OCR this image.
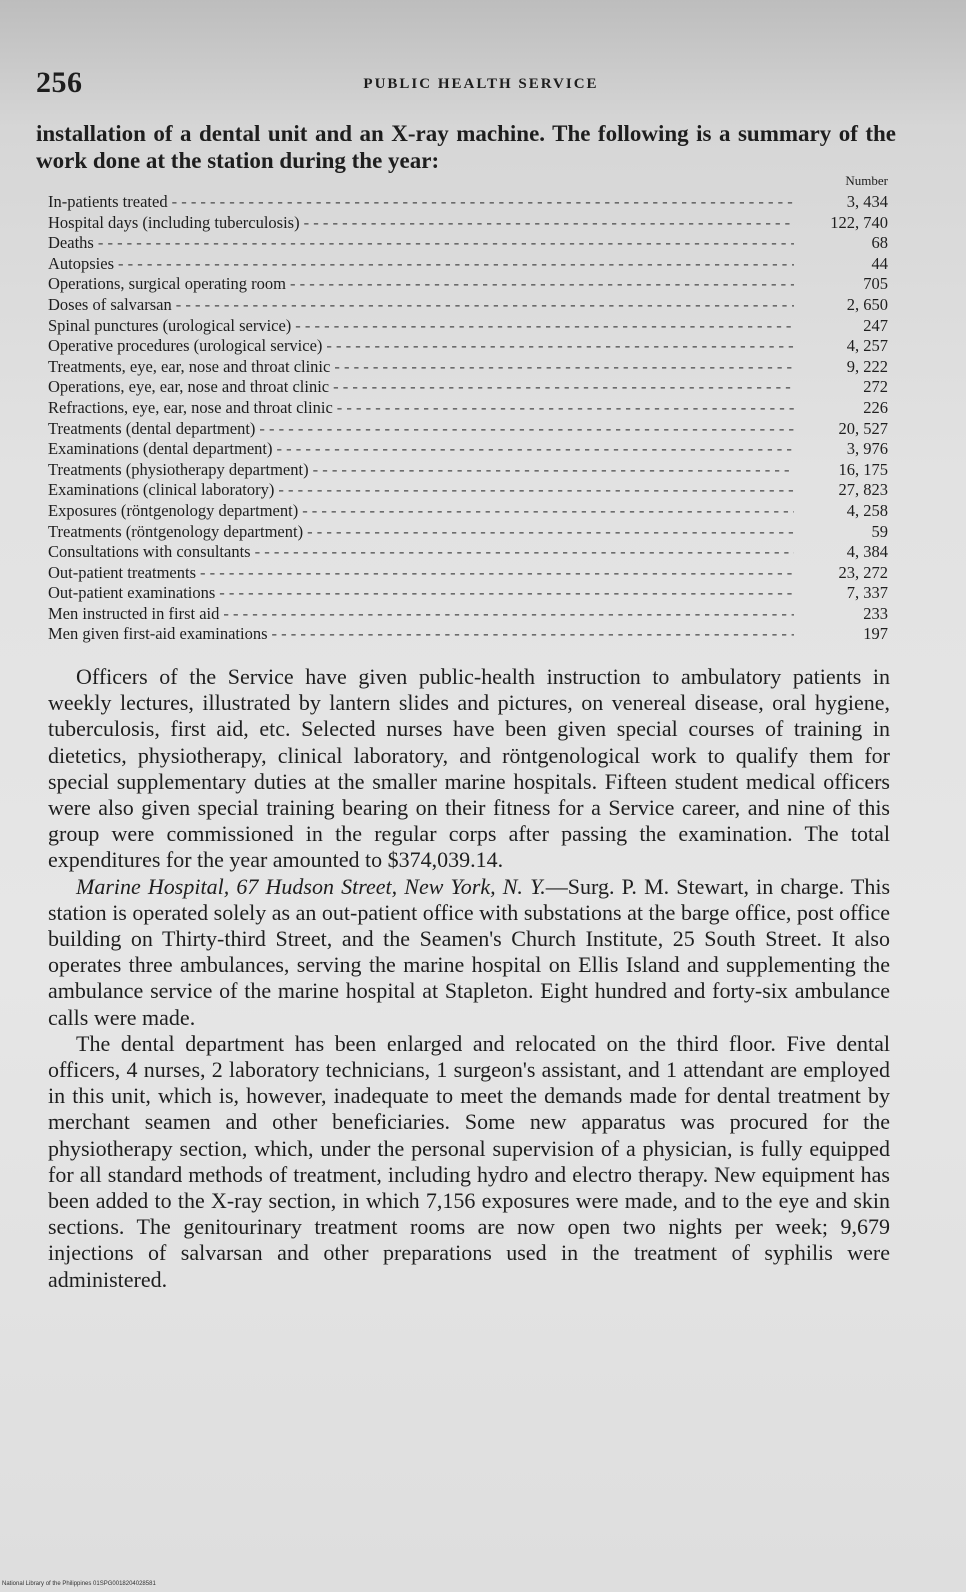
256	PUBLIC HEALTH SERVICE
installation of a dental unit and an X-ray machine. The following is a summary of the work done at the station during the year:
Number
In-patients treated - - -	3, 434
Hospital days (including tuberculosis) - - -	122, 740
Deaths - - -	68
Autopsies - - -	44
Operations, surgical operating room - - -	705
Doses of salvarsan - - -	2, 650
Spinal punctures (urological service) - - -	247
Operative procedures (urological service) - - -	4, 257
Treatments, eye, ear, nose and throat clinic - - -	9, 222
Operations, eye, ear, nose and throat clinic - - -	272
Refractions, eye, ear, nose and throat clinic - - -	226
Treatments (dental department) - - -	20, 527
Examinations (dental department) - - -	3, 976
Treatments (physiotherapy department) - - -	16, 175
Examinations (clinical laboratory) - - -	27, 823
Exposures (röntgenology department) - - -	4, 258
Treatments (röntgenology department) - - -	59
Consultations with consultants - - -	4, 384
Out-patient treatments - - -	23, 272
Out-patient examinations - - -	7, 337
Men instructed in first aid - - -	233
Men given first-aid examinations - - -	197

Officers of the Service have given public-health instruction to ambulatory patients in weekly lectures, illustrated by lantern slides and pictures, on venereal disease, oral hygiene, tuberculosis, first aid, etc. Selected nurses have been given special courses of training in dietetics, physiotherapy, clinical laboratory, and röntgenological work to qualify them for special supplementary duties at the smaller marine hospitals. Fifteen student medical officers were also given special training bearing on their fitness for a Service career, and nine of this group were commissioned in the regular corps after passing the examination. The total expenditures for the year amounted to $374,039.14.

Marine Hospital, 67 Hudson Street, New York, N. Y.—Surg. P. M. Stewart, in charge. This station is operated solely as an out-patient office with substations at the barge office, post office building on Thirty-third Street, and the Seamen's Church Institute, 25 South Street. It also operates three ambulances, serving the marine hospital on Ellis Island and supplementing the ambulance service of the marine hospital at Stapleton. Eight hundred and forty-six ambulance calls were made.

The dental department has been enlarged and relocated on the third floor. Five dental officers, 4 nurses, 2 laboratory technicians, 1 surgeon's assistant, and 1 attendant are employed in this unit, which is, however, inadequate to meet the demands made for dental treatment by merchant seamen and other beneficiaries. Some new apparatus was procured for the physiotherapy section, which, under the personal supervision of a physician, is fully equipped for all standard methods of treatment, including hydro and electro therapy. New equipment has been added to the X-ray section, in which 7,156 exposures were made, and to the eye and skin sections. The genitourinary treatment rooms are now open two nights per week; 9,679 injections of salvarsan and other preparations used in the treatment of syphilis were administered.

National Library of the Philippines 01SPG0018204028581
